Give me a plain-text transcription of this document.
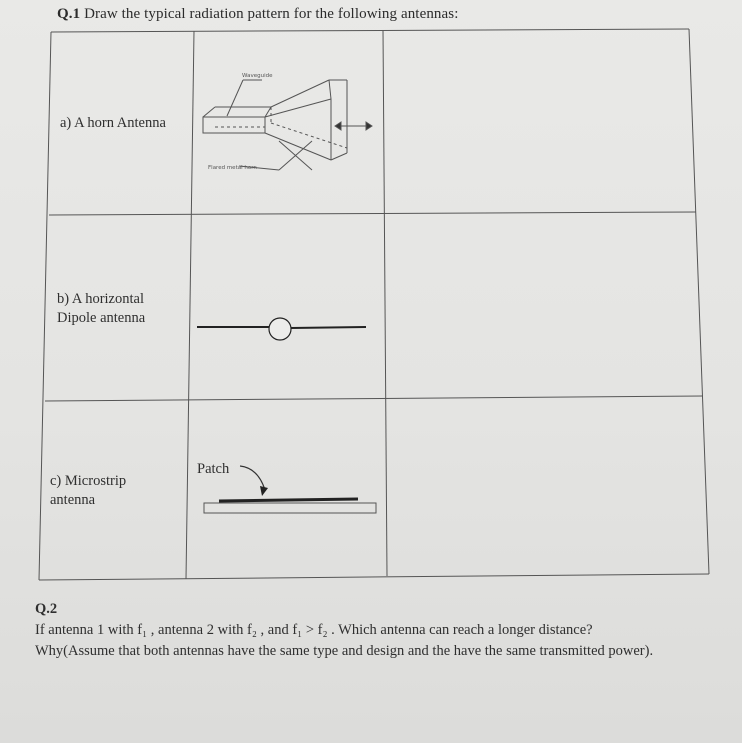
Q.1 Draw the typical radiation pattern for the following antennas:
a) A horn Antenna
b) A horizontal
Dipole antenna
c) Microstrip
antenna
Waveguide
Flared metal horn
Patch
Q.2
If antenna 1 with f₁ , antenna 2 with f₂ , and f₁ > f₂ . Which antenna can reach a longer distance? Why(Assume that both antennas have the same type and design and the have the same transmitted power).
